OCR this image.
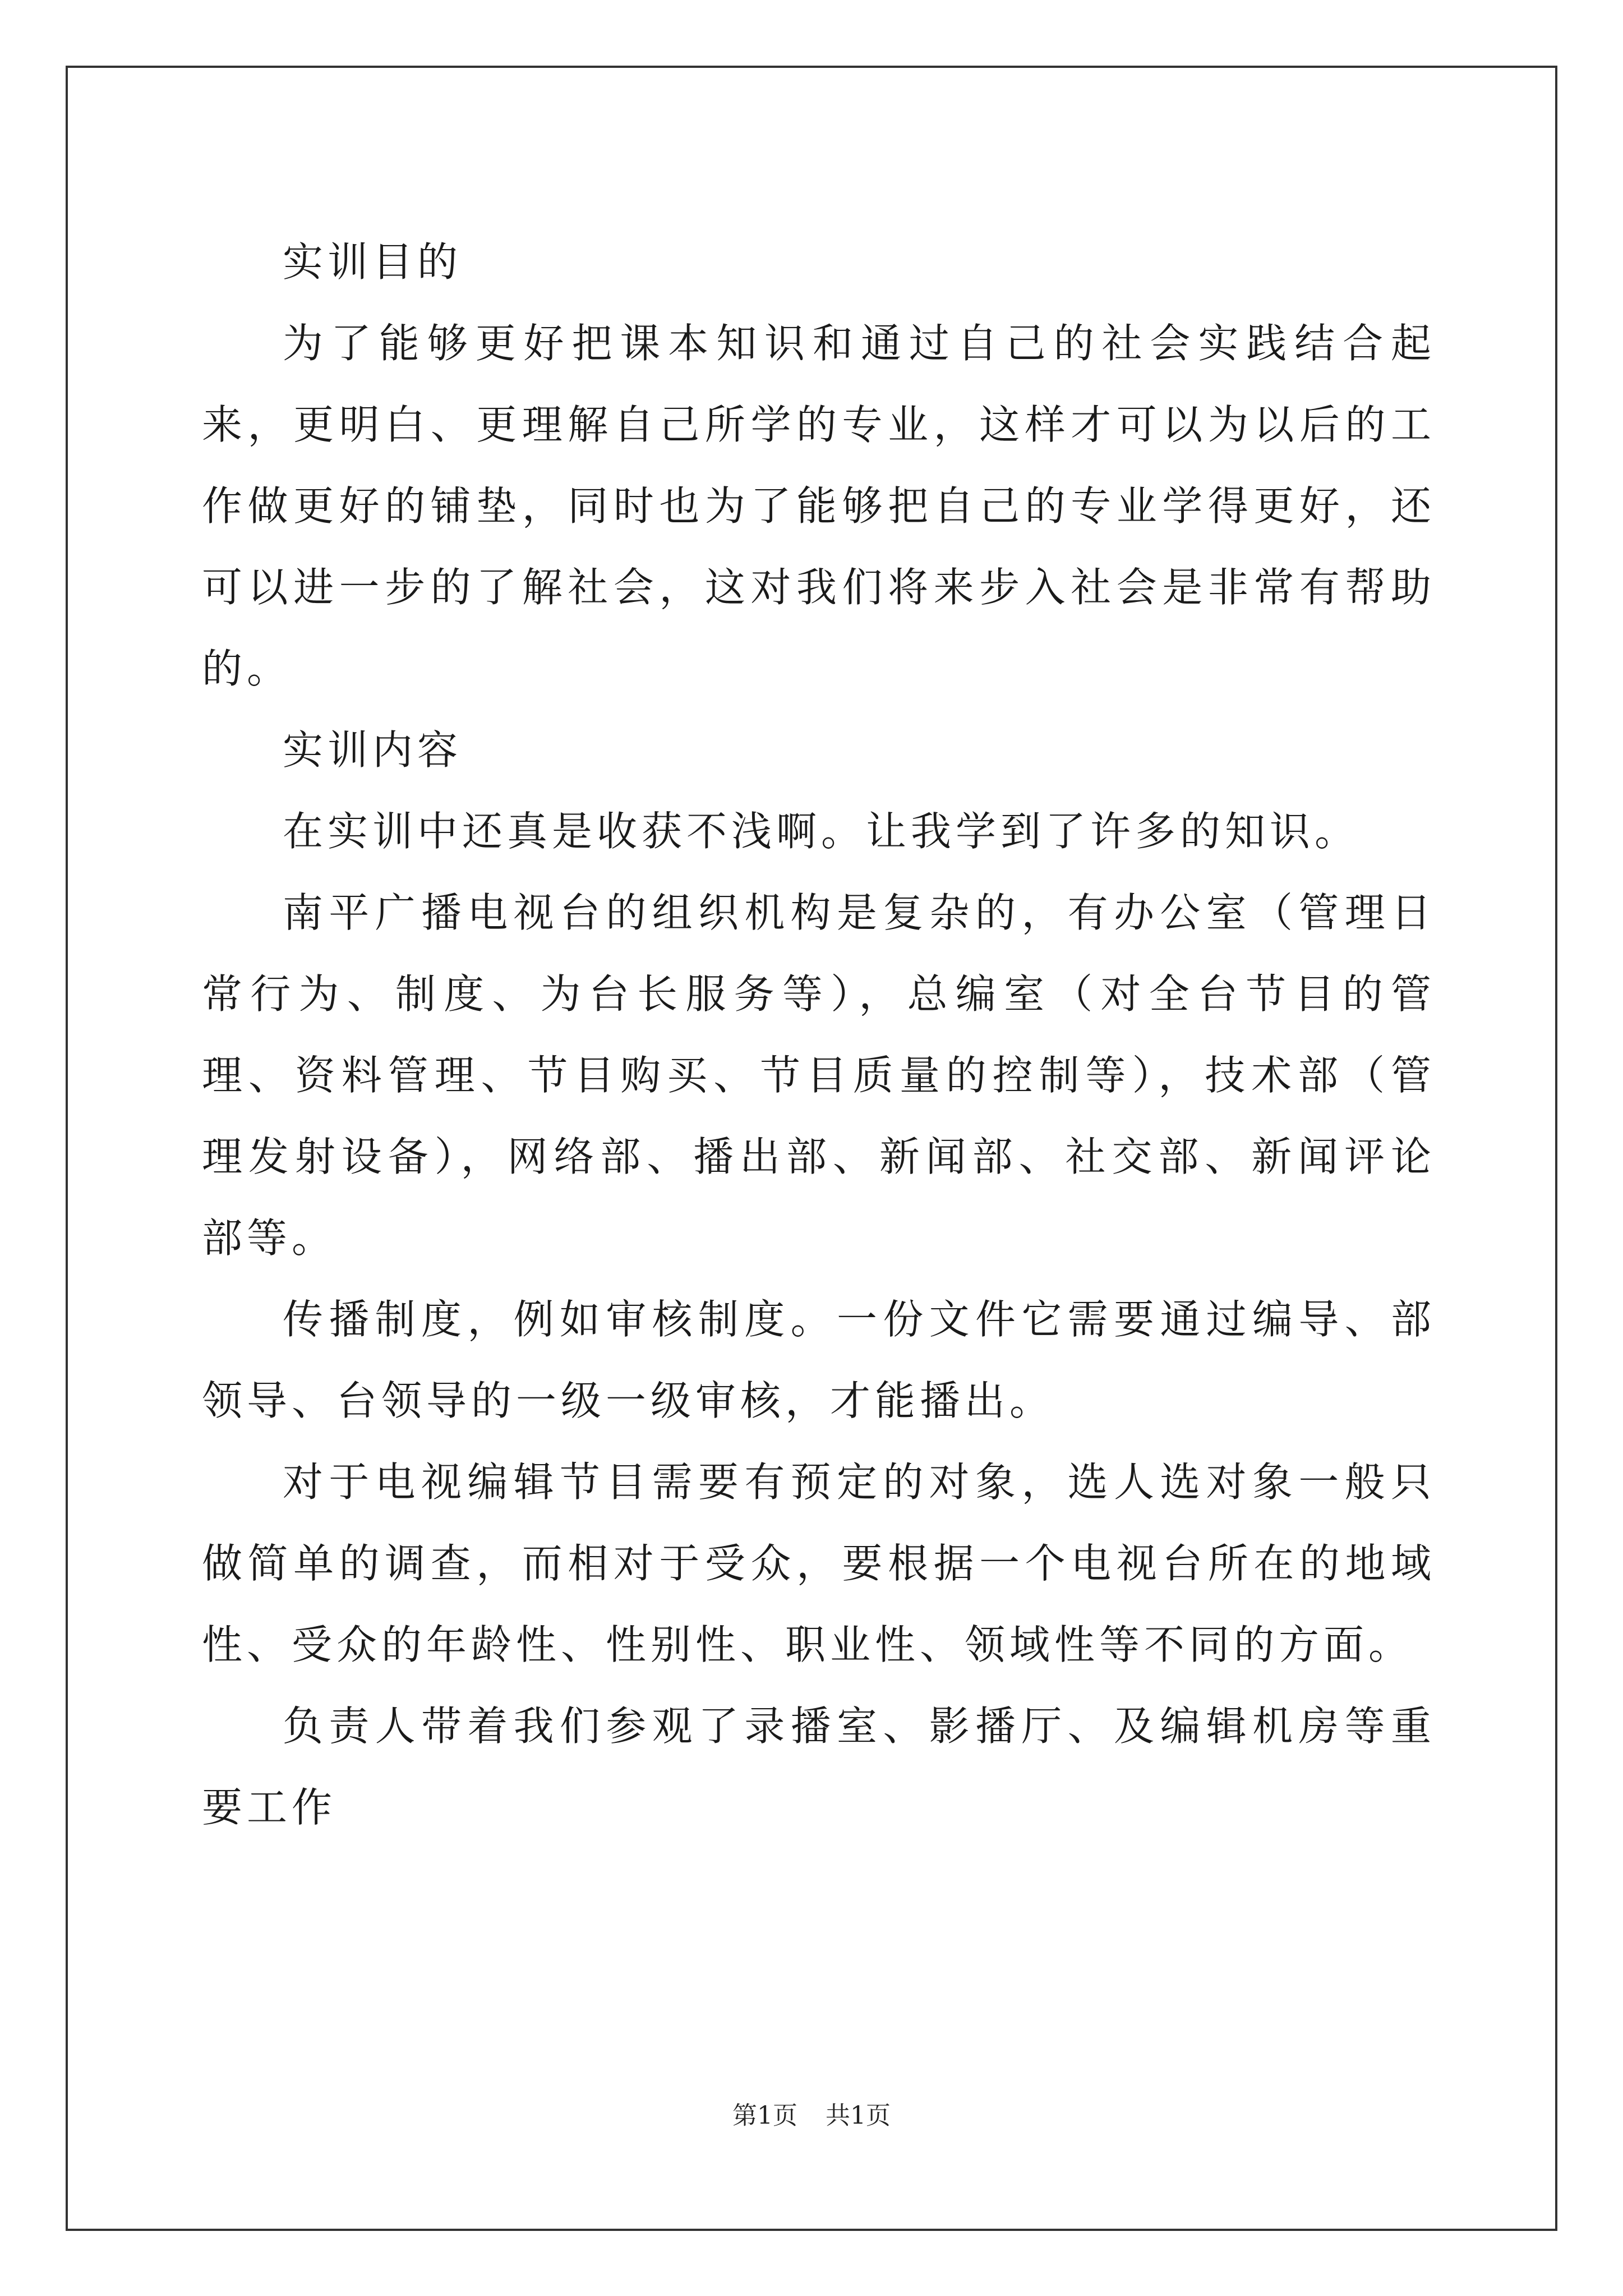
实训目的

为了能够更好把课本知识和通过自己的社会实践结合起来，更明白、更理解自己所学的专业，这样才可以为以后的工作做更好的铺垫，同时也为了能够把自己的专业学得更好，还可以进一步的了解社会，这对我们将来步入社会是非常有帮助的。

实训内容

在实训中还真是收获不浅啊。让我学到了许多的知识。

南平广播电视台的组织机构是复杂的，有办公室（管理日常行为、制度、为台长服务等），总编室（对全台节目的管理、资料管理、节目购买、节目质量的控制等），技术部（管理发射设备），网络部、播出部、新闻部、社交部、新闻评论部等。

传播制度，例如审核制度。一份文件它需要通过编导、部领导、台领导的一级一级审核，才能播出。

对于电视编辑节目需要有预定的对象，选人选对象一般只做简单的调查，而相对于受众，要根据一个电视台所在的地域性、受众的年龄性、性别性、职业性、领域性等不同的方面。

负责人带着我们参观了录播室、影播厅、及编辑机房等重要工作

第1页 共1页
